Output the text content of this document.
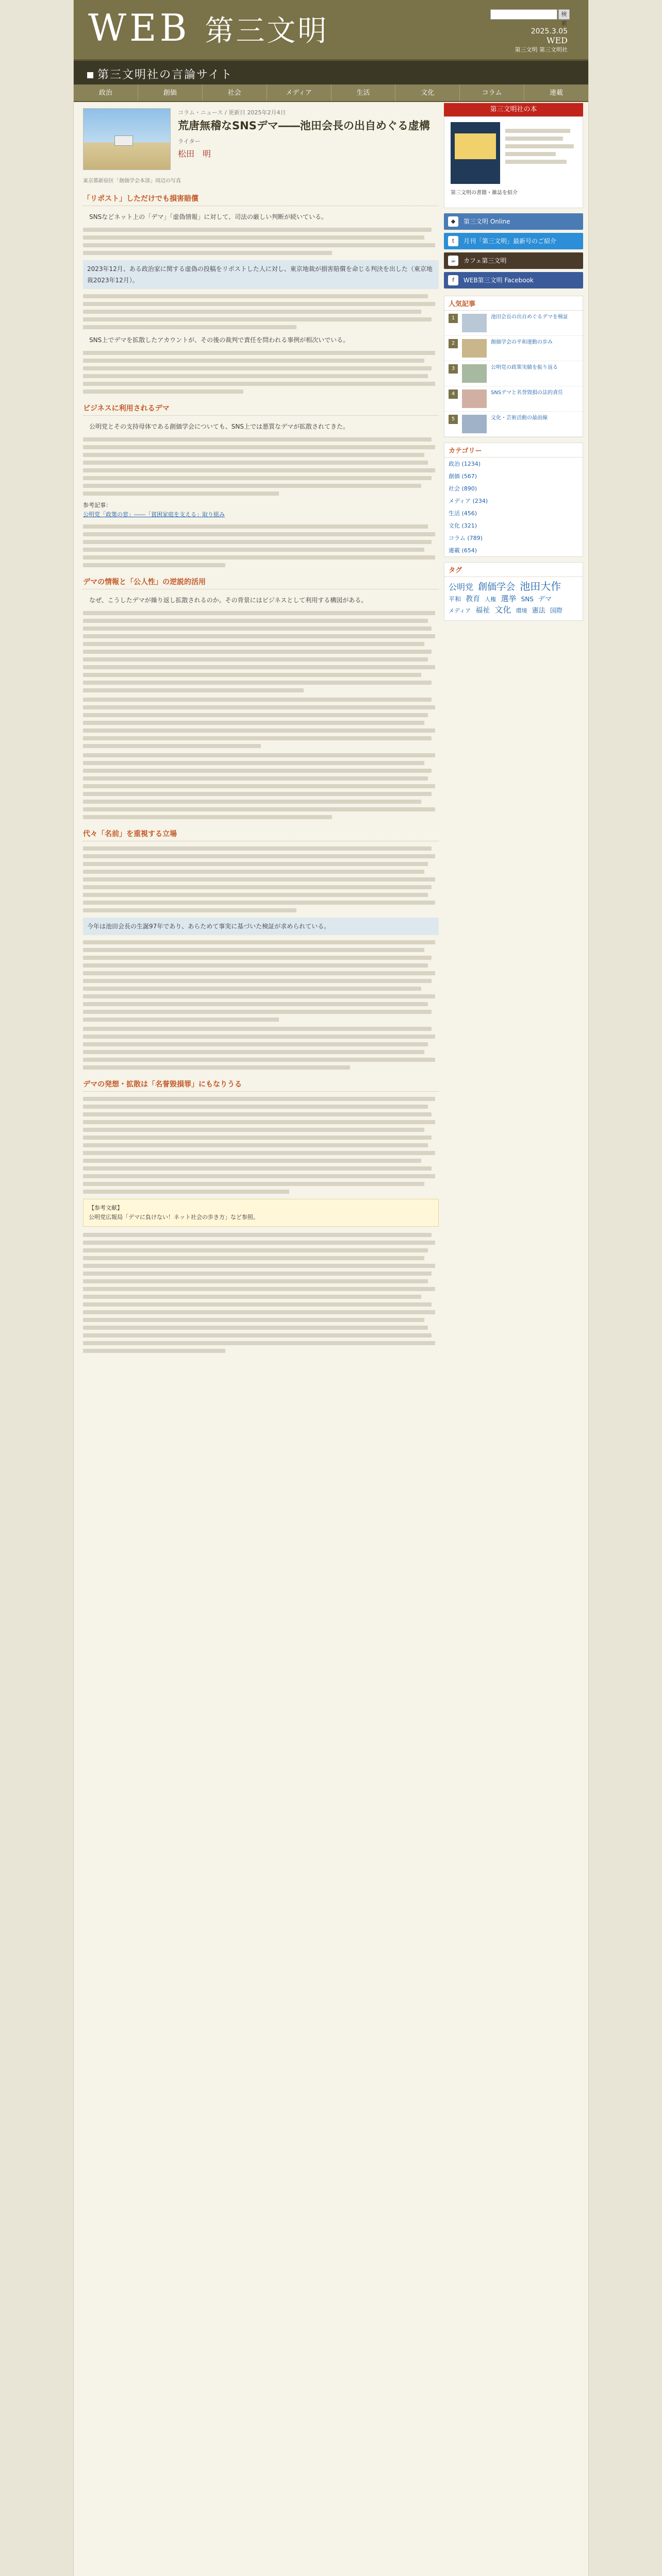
WEB 第三文明
検索
2025.3.05
WED
第三文明 第三文明社
第三文明社の言論サイト
政治	創価	社会	メディア	生活	文化	コラム	連載
コラム・ニュース / 更新日 2025年2月4日
荒唐無稽なSNSデマ――池田会長の出自めぐる虚構
ライター
松田　明
東京都新宿区「創価学会本部」周辺の写真
「リポスト」しただけでも損害賠償

SNSなどネット上の「デマ」「虚偽情報」に対して、司法の厳しい判断が続いている。

2023年12月、ある政治家に関する虚偽の投稿をリポストした人に対し、東京地裁が損害賠償を命じる判決を出した（東京地裁2023年12月）。

SNS上でデマを拡散したアカウントが、その後の裁判で責任を問われる事例が相次いでいる。

ビジネスに利用されるデマ

公明党とその支持母体である創価学会についても、SNS上では悪質なデマが拡散されてきた。

参考記事：
公明党「政策の窓」――「貧困家庭を支える」取り組み
デマの情報と「公人性」の逆説的活用

なぜ、こうしたデマが繰り返し拡散されるのか。その背景にはビジネスとして利用する構図がある。

代々「名前」を重視する立場

今年は池田会長の生誕97年であり、あらためて事実に基づいた検証が求められている。

デマの発想・拡散は「名誉毀損罪」にもなりうる
【参考文献】
公明党広報局「デマに負けない！ネット社会の歩き方」など参照。
第三文明社の本
第三文明の書籍・雑誌を紹介
◆	第三文明 Online
t	月刊「第三文明」最新号のご紹介
☕	カフェ第三文明
f	WEB第三文明 Facebook
人気記事
1	池田会長の出自めぐるデマを検証
2	創価学会の平和運動の歩み
3	公明党の政策実績を振り返る
4	SNSデマと名誉毀損の法的責任
5	文化・芸術活動の最前線
カテゴリー
政治 (1234)
創価 (567)
社会 (890)
メディア (234)
生活 (456)
文化 (321)
コラム (789)
連載 (654)
タグ
公明党 創価学会 池田大作 平和 教育 人権 選挙 SNS デマ メディア 福祉 文化 環境 憲法 国際
